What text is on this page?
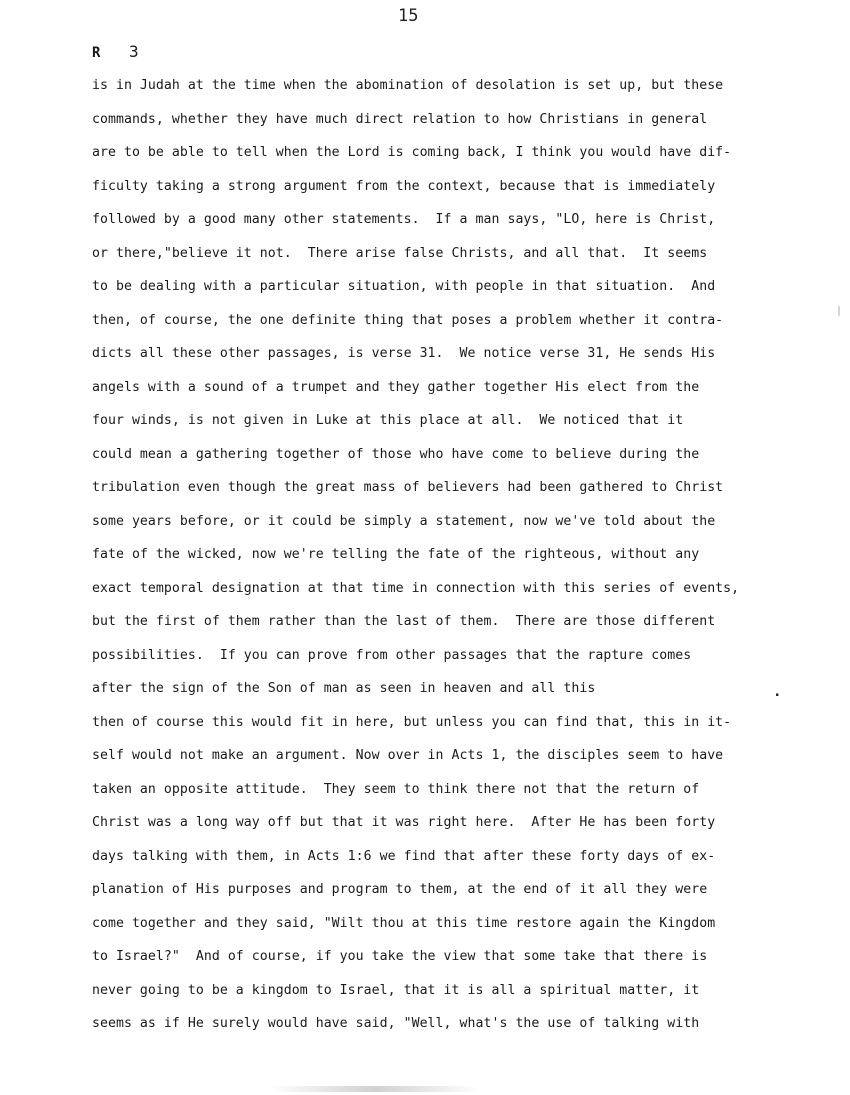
15
R 3
is in Judah at the time when the abomination of desolation is set up, but these
commands, whether they have much direct relation to how Christians in general
are to be able to tell when the Lord is coming back, I think you would have dif-
ficulty taking a strong argument from the context, because that is immediately
followed by a good many other statements.  If a man says, "LO, here is Christ,
or there,"believe it not.  There arise false Christs, and all that.  It seems
to be dealing with a particular situation, with people in that situation.  And
then, of course, the one definite thing that poses a problem whether it contra-
dicts all these other passages, is verse 31.  We notice verse 31, He sends His
angels with a sound of a trumpet and they gather together His elect from the
four winds, is not given in Luke at this place at all.  We noticed that it
could mean a gathering together of those who have come to believe during the
tribulation even though the great mass of believers had been gathered to Christ
some years before, or it could be simply a statement, now we've told about the
fate of the wicked, now we're telling the fate of the righteous, without any
exact temporal designation at that time in connection with this series of events,
but the first of them rather than the last of them.  There are those different
possibilities.  If you can prove from other passages that the rapture comes
after the sign of the Son of man as seen in heaven and all this
then of course this would fit in here, but unless you can find that, this in it-
self would not make an argument. Now over in Acts 1, the disciples seem to have
taken an opposite attitude.  They seem to think there not that the return of
Christ was a long way off but that it was right here.  After He has been forty
days talking with them, in Acts 1:6 we find that after these forty days of ex-
planation of His purposes and program to them, at the end of it all they were
come together and they said, "Wilt thou at this time restore again the Kingdom
to Israel?"  And of course, if you take the view that some take that there is
never going to be a kingdom to Israel, that it is all a spiritual matter, it
seems as if He surely would have said, "Well, what's the use of talking with
.
